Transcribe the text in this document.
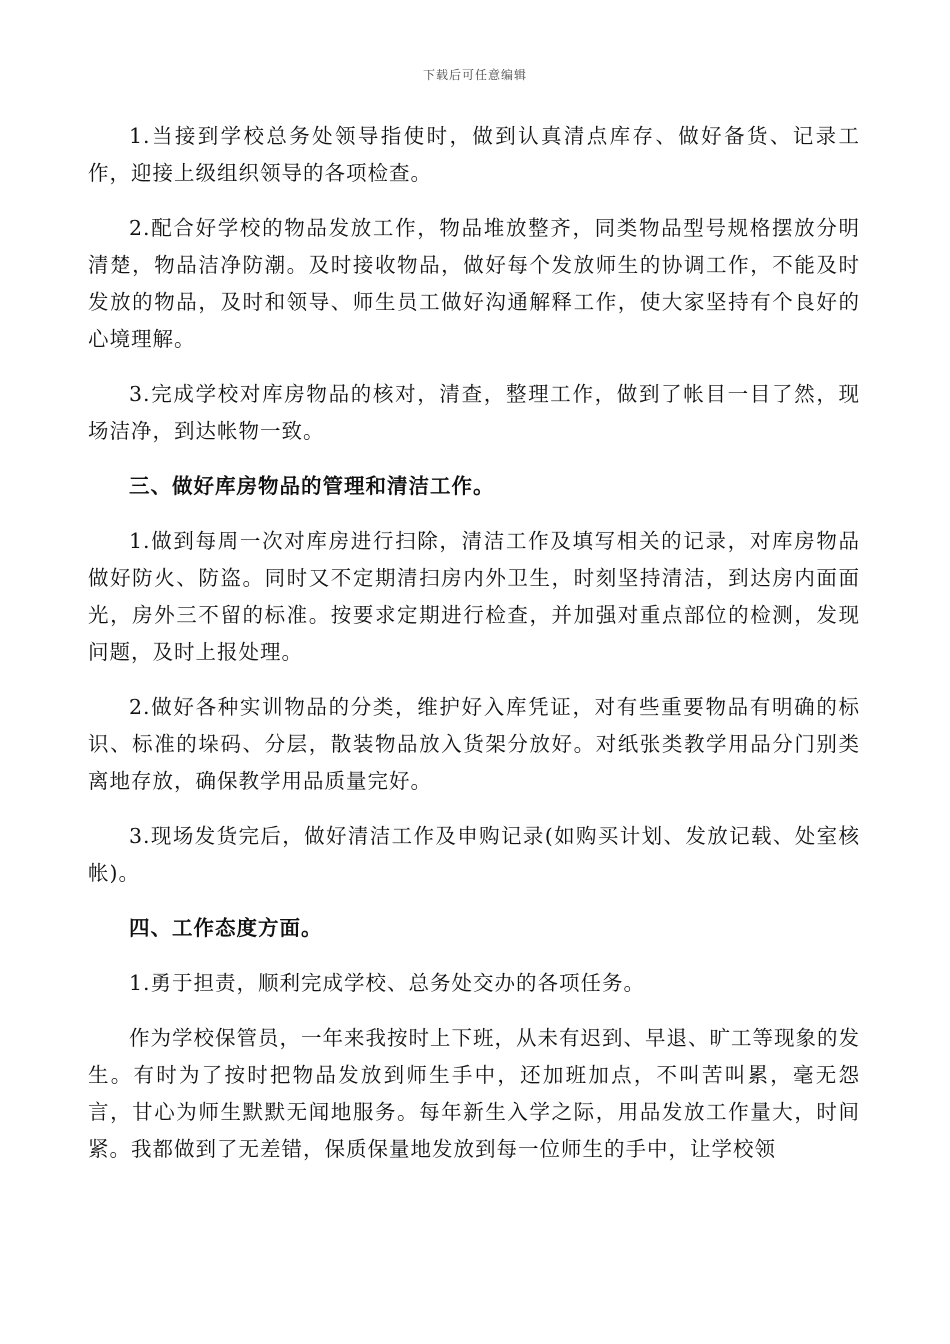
下载后可任意编辑

1.当接到学校总务处领导指使时，做到认真清点库存、做好备货、记录工作，迎接上级组织领导的各项检查。

2.配合好学校的物品发放工作，物品堆放整齐，同类物品型号规格摆放分明清楚，物品洁净防潮。及时接收物品，做好每个发放师生的协调工作，不能及时发放的物品，及时和领导、师生员工做好沟通解释工作，使大家坚持有个良好的心境理解。

3.完成学校对库房物品的核对，清查，整理工作，做到了帐目一目了然，现场洁净，到达帐物一致。

三、做好库房物品的管理和清洁工作。

1.做到每周一次对库房进行扫除，清洁工作及填写相关的记录，对库房物品做好防火、防盗。同时又不定期清扫房内外卫生，时刻坚持清洁，到达房内面面光，房外三不留的标准。按要求定期进行检查，并加强对重点部位的检测，发现问题，及时上报处理。

2.做好各种实训物品的分类，维护好入库凭证，对有些重要物品有明确的标识、标准的垛码、分层，散装物品放入货架分放好。对纸张类教学用品分门别类离地存放，确保教学用品质量完好。

3.现场发货完后，做好清洁工作及申购记录(如购买计划、发放记载、处室核帐)。

四、工作态度方面。

1.勇于担责，顺利完成学校、总务处交办的各项任务。

作为学校保管员，一年来我按时上下班，从未有迟到、早退、旷工等现象的发生。有时为了按时把物品发放到师生手中，还加班加点，不叫苦叫累，毫无怨言，甘心为师生默默无闻地服务。每年新生入学之际，用品发放工作量大，时间紧。我都做到了无差错，保质保量地发放到每一位师生的手中，让学校领
